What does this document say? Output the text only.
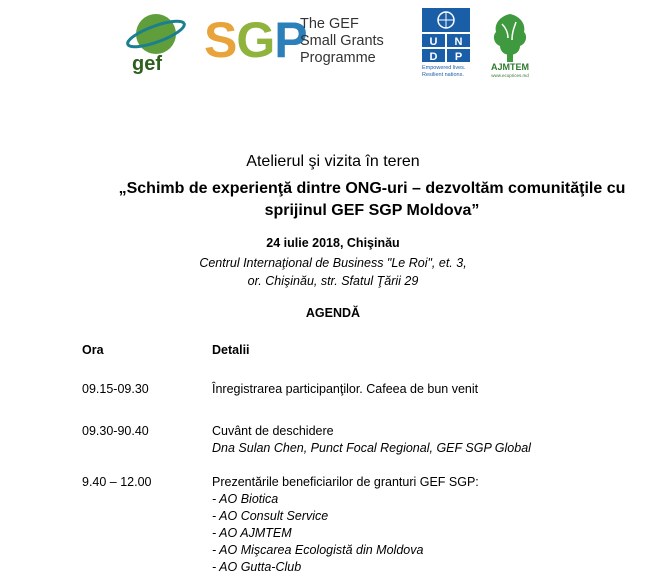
gef SGP
The GEF
Small Grants
Programme
U N
D P
Empowered lives.
Resilient nations.
AJMTEM
www.ecoprices.md
Atelierul şi vizita în teren
„Schimb de experienţă dintre ONG-uri – dezvoltăm comunităţile cu sprijinul GEF SGP Moldova”
24 iulie 2018, Chişinău
Centrul Internaţional de Business "Le Roi", et. 3,
or. Chişinău, str. Sfatul Ţării 29
AGENDĂ
Ora	Detalii
09.15-09.30	Înregistrarea participanţilor. Cafeea de bun venit
09.30-90.40	Cuvânt de deschidere
Dna Sulan Chen, Punct Focal Regional, GEF SGP Global
9.40 – 12.00	Prezentările beneficiarilor de granturi GEF SGP:
- AO Biotica
- AO Consult Service
- AO AJMTEM
- AO Mişcarea Ecologistă din Moldova
- AO Gutta-Club
